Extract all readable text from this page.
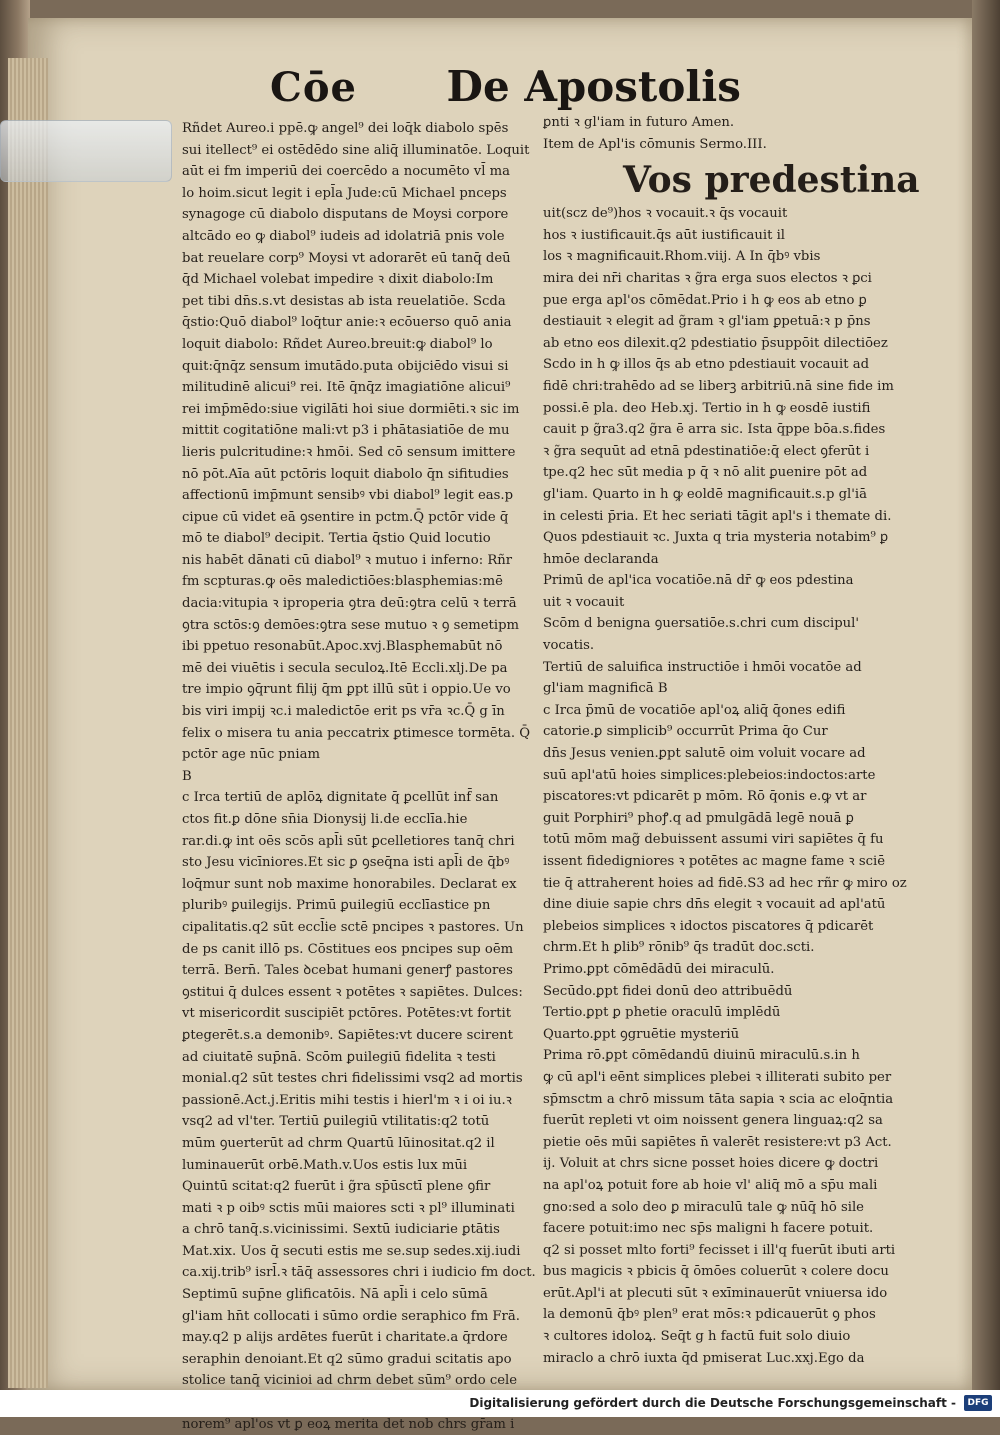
Cōe De Apostolis

Rñdet Aureo.i ppē.ꝙ angel⁹ dei loq̄k diabolo spēs

sui itellect⁹ ei ostēdēdo sine aliq̄ illuminatōe. Loquit

aūt ei fm imperiū dei coercēdo a nocumēto vl̄ ma

lo hoim.sicut legit i epl̄a Jude:cū Michael pnceps

synagoge cū diabolo disputans de Moysi corpore

altcādo eo ꝙ diabol⁹ iudeis ad idolatriā pnis vole

bat reuelare corp⁹ Moysi vt adorarēt eū tanq̄ deū

q̄d Michael volebat impedire ꝛ dixit diabolo:Im

pet tibi dn̄s.s.vt desistas ab ista reuelatiōe. Scda

q̄stio:Quō diabol⁹ loq̄tur anie:ꝛ ecōuerso quō ania

loquit diabolo: Rñdet Aureo.breuit:ꝙ diabol⁹ lo

quit:q̄nq̄z sensum imutādo.puta obijciēdo visui si

militudinē alicui⁹ rei. Itē q̄nq̄z imagiatiōne alicui⁹

rei imp̄mēdo:siue vigilāti hoi siue dormiēti.ꝛ sic im

mittit cogitatiōne mali:vt p3 i phātasiatiōe de mu

lieris pulcritudine:ꝛ hmōi. Sed cō sensum imittere

nō pōt.Aīa aūt pctōris loquit diabolo q̄n sifitudies

affectionū imp̄munt sensibꝰ vbi diabol⁹ legit eas.p

cipue cū videt eā ꝯsentire in pctm.Q̄ pctōr vide q̄

mō te diabol⁹ decipit. Tertia q̄stio Quid locutio

nis habēt dānati cū diabol⁹ ꝛ mutuo i inferno: Rñr

fm scpturas.ꝙ oēs maledictiōes:blasphemias:mē

dacia:vitupia ꝛ iproperia ꝯtra deū:ꝯtra celū ꝛ terrā

ꝯtra sctōs:ꝯ demōes:ꝯtra sese mutuo ꝛ ꝯ semetipm

ibi ppetuo resonabūt.Apoc.xvj.Blasphemabūt nō

mē dei viuētis i secula seculoꝝ.Itē Eccli.xlj.De pa

tre impio ꝯq̄runt filij q̄m ꝑpt illū sūt i oppio.Ue vo

bis viri impij ꝛc.i maledictōe erit ps vr̄a ꝛc.Q̄ g īn

felix o misera tu ania peccatrix ꝑtimesce tormēta. Q̄

pctōr age nūc pniam

B

c Irca tertiū de aplōꝝ dignitate q̄ ꝑcellūt inf̄ san

ctos fit.ꝑ dōne sn̄ia Dionysij li.de ecclīa.hie

rar.di.ꝙ int oēs scōs apl̄i sūt ꝑcelletiores tanq̄ chri

sto Jesu vicīniores.Et sic ꝑ ꝯseq̄na isti apl̄i de q̄bꝰ

loq̄mur sunt nob maxime honorabiles. Declarat ex

pluribꝰ ꝑuilegijs. Primū ꝑuilegiū ecclīastice pn

cipalitatis.q2 sūt eccl̄ie sctē pncipes ꝛ pastores. Un

de ps canit illō ps. Cōstitues eos pncipes sup oēm

terrā. Bern̄. Tales ꝺcebat humani generꝭ pastores

ꝯstitui q̄ dulces essent ꝛ potētes ꝛ sapiētes. Dulces:

vt misericordit suscipiēt pctōres. Potētes:vt fortit

ꝑtegerēt.s.a demonibꝰ. Sapiētes:vt ducere scirent

ad ciuitatē sup̄nā. Scōm ꝑuilegiū fidelita ꝛ testi

monial.q2 sūt testes chri fidelissimi vsq2 ad mortis

passionē.Act.j.Eritis mihi testis i hierl'm ꝛ i oi iu.ꝛ

vsq2 ad vl'ter. Tertiū ꝑuilegiū vtilitatis:q2 totū

mūm ꝯuerterūt ad chrm Quartū lūinositat.q2 il

luminauerūt orbē.Math.v.Uos estis lux mūi

Quintū scitat:q2 fuerūt i g̃ra sp̄ūsctī plene ꝯfir

mati ꝛ p oibꝰ sctis mūi maiores scti ꝛ pl⁹ illuminati

a chrō tanq̄.s.vicinissimi. Sextū iudiciarie ꝑtātis

Mat.xix. Uos q̄ secuti estis me se.sup sedes.xij.iudi

ca.xij.trib⁹ isrl̄.ꝛ tāq̄ assessores chri i iudicio fm doct.

Septimū sup̄ne glificatōis. Nā apl̄i i celo sūmā

gl'iam hn̄t collocati i sūmo ordie seraphico fm Frā.

may.q2 p alijs ardētes fuerūt i charitate.a q̄rdore

seraphin denoiant.Et q2 sūmo gradui scitatis apo

stolice tanq̄ vicinioi ad chrm debet sūm⁹ ordo cele

norem⁹ apl'os vt ꝑ eoꝝ merita det nob chrs gr̄am i

ꝑnti ꝛ gl'iam in futuro Amen.

Item de Apl'is cōmunis Sermo.III.

Vos predestina

uit(scz de⁹)hos ꝛ vocauit.ꝛ q̄s vocauit

hos ꝛ iustificauit.q̄s aūt iustificauit il

los ꝛ magnificauit.Rhom.viij. A In q̄bꝰ vbis

mira dei nr̄i charitas ꝛ g̃ra erga suos electos ꝛ ꝑci

pue erga apl'os cōmēdat.Prio i h ꝙ eos ab etno ꝑ

destiauit ꝛ elegit ad g̃ram ꝛ gl'iam ꝑpetuā:ꝛ p p̄ns

ab etno eos dilexit.q2 pdestiatio p̄suppōit dilectiōez

Scdo in h ꝙ illos q̄s ab etno pdestiauit vocauit ad

fidē chri:trahēdo ad se liberꝫ arbitriū.nā sine fide im

possi.ē pla. deo Heb.xj. Tertio in h ꝙ eosdē iustifi

cauit p g̃ra3.q2 g̃ra ē arra sic. Ista q̄ppe bōa.s.fides

ꝛ g̃ra sequūt ad etnā pdestinatiōe:q̄ elect ꝯferūt i

tpe.q2 hec sūt media p q̄ ꝛ nō alit ꝑuenire pōt ad

gl'iam. Quarto in h ꝙ eoldē magnificauit.s.p gl'iā

in celesti p̄ria. Et hec seriati tāgit apl's i themate di.

Quos pdestiauit ꝛc. Juxta q tria mysteria notabim⁹ ꝑ

hmōe declaranda

Primū de apl'ica vocatiōe.nā dr̄ ꝙ eos pdestina

uit ꝛ vocauit

Scōm d benigna ꝯuersatiōe.s.chri cum discipul'

vocatis.

Tertiū de saluifica instructiōe i hmōi vocatōe ad

gl'iam magnificā B

c Irca p̄mū de vocatiōe apl'oꝝ aliq̄ q̄ones edifi

catorie.ꝑ simplicib⁹ occurrūt Prima q̄o Cur

dn̄s Jesus venien.ꝑpt salutē oim voluit vocare ad

suū apl'atū hoies simplices:plebeios:indoctos:arte

piscatores:vt pdicarēt p mōm. Rō q̄onis e.ꝙ vt ar

guit Porphiri⁹ phoꝭ.q ad pmulgādā legē nouā ꝑ

totū mōm mag̃ debuissent assumi viri sapiētes q̄ fu

issent fidedigniores ꝛ potētes ac magne fame ꝛ sciē

tie q̄ attraherent hoies ad fidē.S3 ad hec rñr ꝙ miro oz

dine diuie sapie chrs dn̄s elegit ꝛ vocauit ad apl'atū

plebeios simplices ꝛ idoctos piscatores q̄ pdicarēt

chrm.Et h ꝑlib⁹ rōnib⁹ q̄s tradūt doc.scti.

Primo.ꝑpt cōmēdādū dei miraculū.

Secūdo.ꝑpt fidei donū deo attribuēdū

Tertio.ꝑpt ꝑ phetie oraculū implēdū

Quarto.ꝑpt ꝯgruētie mysteriū

Prima rō.ꝑpt cōmēdandū diuinū miraculū.s.in h

ꝙ cū apl'i eēnt simplices plebei ꝛ illiterati subito per

sp̄msctm a chrō missum tāta sapia ꝛ scia ac eloq̄ntia

fuerūt repleti vt oim noissent genera linguaꝝ:q2 sa

pietie oēs mūi sapiētes n̄ valerēt resistere:vt p3 Act.

ij. Voluit at chrs sicne posset hoies dicere ꝙ doctri

na apl'oꝝ potuit fore ab hoie vl' aliq̄ mō a sp̄u mali

gno:sed a solo deo ꝑ miraculū tale ꝙ nūq̄ hō sile

facere potuit:imo nec sp̄s maligni h facere potuit.

q2 si posset mlto forti⁹ fecisset i ill'q fuerūt ibuti arti

bus magicis ꝛ pbicis q̄ ōmōes coluerūt ꝛ colere docu

erūt.Apl'i at plecuti sūt ꝛ exīminauerūt vniuersa ido

la demonū q̄bꝰ plen⁹ erat mōs:ꝛ pdicauerūt ꝯ phos

ꝛ cultores idoloꝝ. Seq̄t g h factū fuit solo diuio

miraclo a chrō iuxta q̄d pmiserat Luc.xxj.Ego da

Digitalisierung gefördert durch die Deutsche Forschungsgemeinschaft -	DFG
